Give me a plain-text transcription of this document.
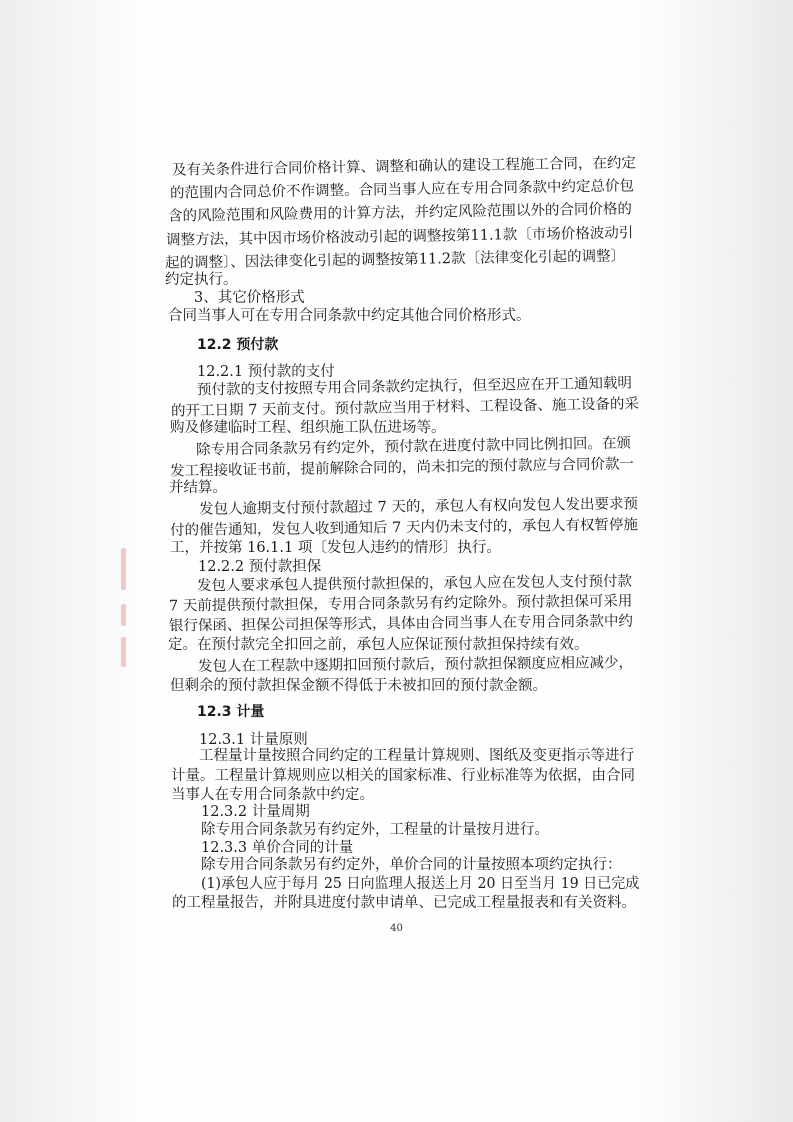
及有关条件进行合同价格计算、调整和确认的建设工程施工合同，在约定
的范围内合同总价不作调整。合同当事人应在专用合同条款中约定总价包
含的风险范围和风险费用的计算方法，并约定风险范围以外的合同价格的
调整方法，其中因市场价格波动引起的调整按第11.1款〔市场价格波动引
起的调整〕、因法律变化引起的调整按第11.2款〔法律变化引起的调整〕
约定执行。
3、其它价格形式
合同当事人可在专用合同条款中约定其他合同价格形式。
12.2 预付款
12.2.1 预付款的支付
预付款的支付按照专用合同条款约定执行，但至迟应在开工通知载明
的开工日期 7 天前支付。预付款应当用于材料、工程设备、施工设备的采
购及修建临时工程、组织施工队伍进场等。
除专用合同条款另有约定外，预付款在进度付款中同比例扣回。在颁
发工程接收证书前，提前解除合同的，尚未扣完的预付款应与合同价款一
并结算。
发包人逾期支付预付款超过 7 天的，承包人有权向发包人发出要求预
付的催告通知，发包人收到通知后 7 天内仍未支付的，承包人有权暂停施
工，并按第 16.1.1 项〔发包人违约的情形〕执行。
12.2.2 预付款担保
发包人要求承包人提供预付款担保的，承包人应在发包人支付预付款
7 天前提供预付款担保，专用合同条款另有约定除外。预付款担保可采用
银行保函、担保公司担保等形式，具体由合同当事人在专用合同条款中约
定。在预付款完全扣回之前，承包人应保证预付款担保持续有效。
发包人在工程款中逐期扣回预付款后，预付款担保额度应相应减少，
但剩余的预付款担保金额不得低于未被扣回的预付款金额。
12.3 计量
12.3.1 计量原则
工程量计量按照合同约定的工程量计算规则、图纸及变更指示等进行
计量。工程量计算规则应以相关的国家标准、行业标准等为依据，由合同
当事人在专用合同条款中约定。
12.3.2 计量周期
除专用合同条款另有约定外，工程量的计量按月进行。
12.3.3 单价合同的计量
除专用合同条款另有约定外，单价合同的计量按照本项约定执行：
(1)承包人应于每月 25 日向监理人报送上月 20 日至当月 19 日已完成
的工程量报告，并附具进度付款申请单、已完成工程量报表和有关资料。
40
